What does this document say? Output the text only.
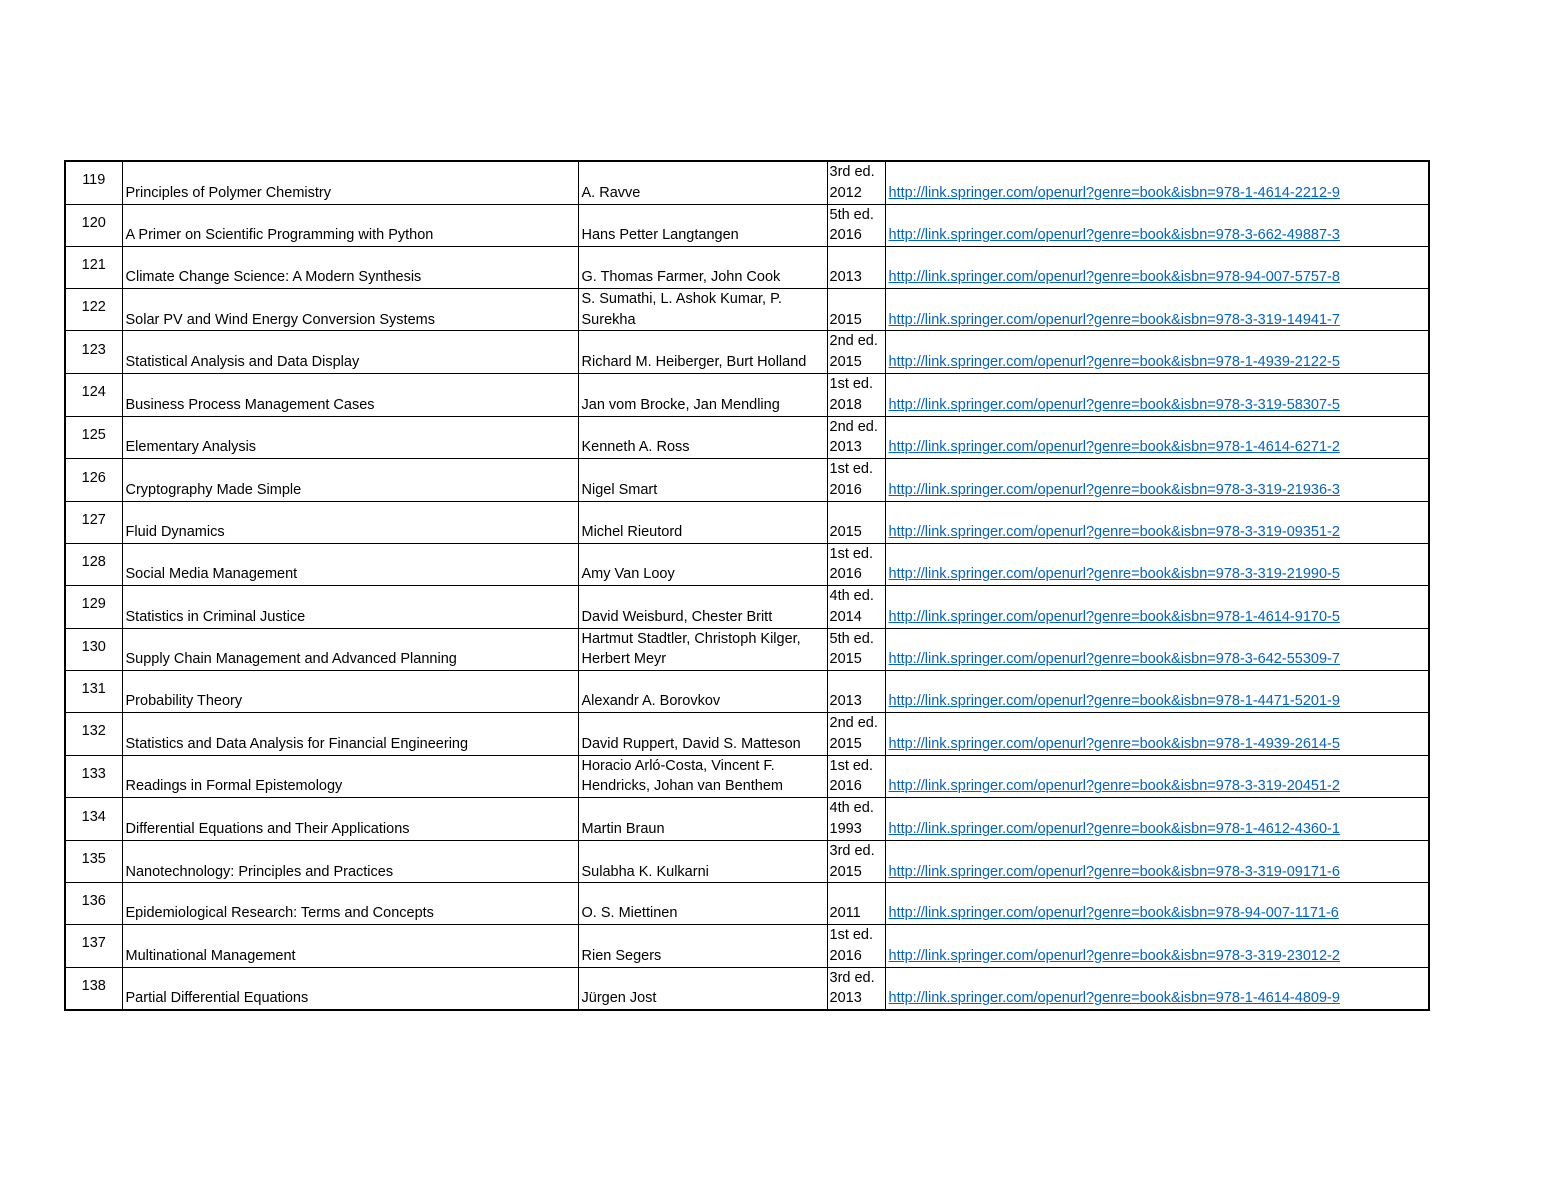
119	Principles of Polymer Chemistry	A. Ravve	3rd ed. 2012	http://link.springer.com/openurl?genre=book&isbn=978-1-4614-2212-9
120	A Primer on Scientific Programming with Python	Hans Petter Langtangen	5th ed. 2016	http://link.springer.com/openurl?genre=book&isbn=978-3-662-49887-3
121	Climate Change Science: A Modern Synthesis	G. Thomas Farmer, John Cook	2013	http://link.springer.com/openurl?genre=book&isbn=978-94-007-5757-8
122	Solar PV and Wind Energy Conversion Systems	S. Sumathi, L. Ashok Kumar, P. Surekha	2015	http://link.springer.com/openurl?genre=book&isbn=978-3-319-14941-7
123	Statistical Analysis and Data Display	Richard M. Heiberger, Burt Holland	2nd ed. 2015	http://link.springer.com/openurl?genre=book&isbn=978-1-4939-2122-5
124	Business Process Management Cases	Jan vom Brocke, Jan Mendling	1st ed. 2018	http://link.springer.com/openurl?genre=book&isbn=978-3-319-58307-5
125	Elementary Analysis	Kenneth A. Ross	2nd ed. 2013	http://link.springer.com/openurl?genre=book&isbn=978-1-4614-6271-2
126	Cryptography Made Simple	Nigel Smart	1st ed. 2016	http://link.springer.com/openurl?genre=book&isbn=978-3-319-21936-3
127	Fluid Dynamics	Michel Rieutord	2015	http://link.springer.com/openurl?genre=book&isbn=978-3-319-09351-2
128	Social Media Management	Amy Van Looy	1st ed. 2016	http://link.springer.com/openurl?genre=book&isbn=978-3-319-21990-5
129	Statistics in Criminal Justice	David Weisburd, Chester Britt	4th ed. 2014	http://link.springer.com/openurl?genre=book&isbn=978-1-4614-9170-5
130	Supply Chain Management and Advanced Planning	Hartmut Stadtler, Christoph Kilger, Herbert Meyr	5th ed. 2015	http://link.springer.com/openurl?genre=book&isbn=978-3-642-55309-7
131	Probability Theory	Alexandr A. Borovkov	2013	http://link.springer.com/openurl?genre=book&isbn=978-1-4471-5201-9
132	Statistics and Data Analysis for Financial Engineering	David Ruppert, David S. Matteson	2nd ed. 2015	http://link.springer.com/openurl?genre=book&isbn=978-1-4939-2614-5
133	Readings in Formal Epistemology	Horacio Arló-Costa, Vincent F. Hendricks, Johan van Benthem	1st ed. 2016	http://link.springer.com/openurl?genre=book&isbn=978-3-319-20451-2
134	Differential Equations and Their Applications	Martin Braun	4th ed. 1993	http://link.springer.com/openurl?genre=book&isbn=978-1-4612-4360-1
135	Nanotechnology: Principles and Practices	Sulabha K. Kulkarni	3rd ed. 2015	http://link.springer.com/openurl?genre=book&isbn=978-3-319-09171-6
136	Epidemiological Research: Terms and Concepts	O. S. Miettinen	2011	http://link.springer.com/openurl?genre=book&isbn=978-94-007-1171-6
137	Multinational Management	Rien Segers	1st ed. 2016	http://link.springer.com/openurl?genre=book&isbn=978-3-319-23012-2
138	Partial Differential Equations	Jürgen Jost	3rd ed. 2013	http://link.springer.com/openurl?genre=book&isbn=978-1-4614-4809-9
